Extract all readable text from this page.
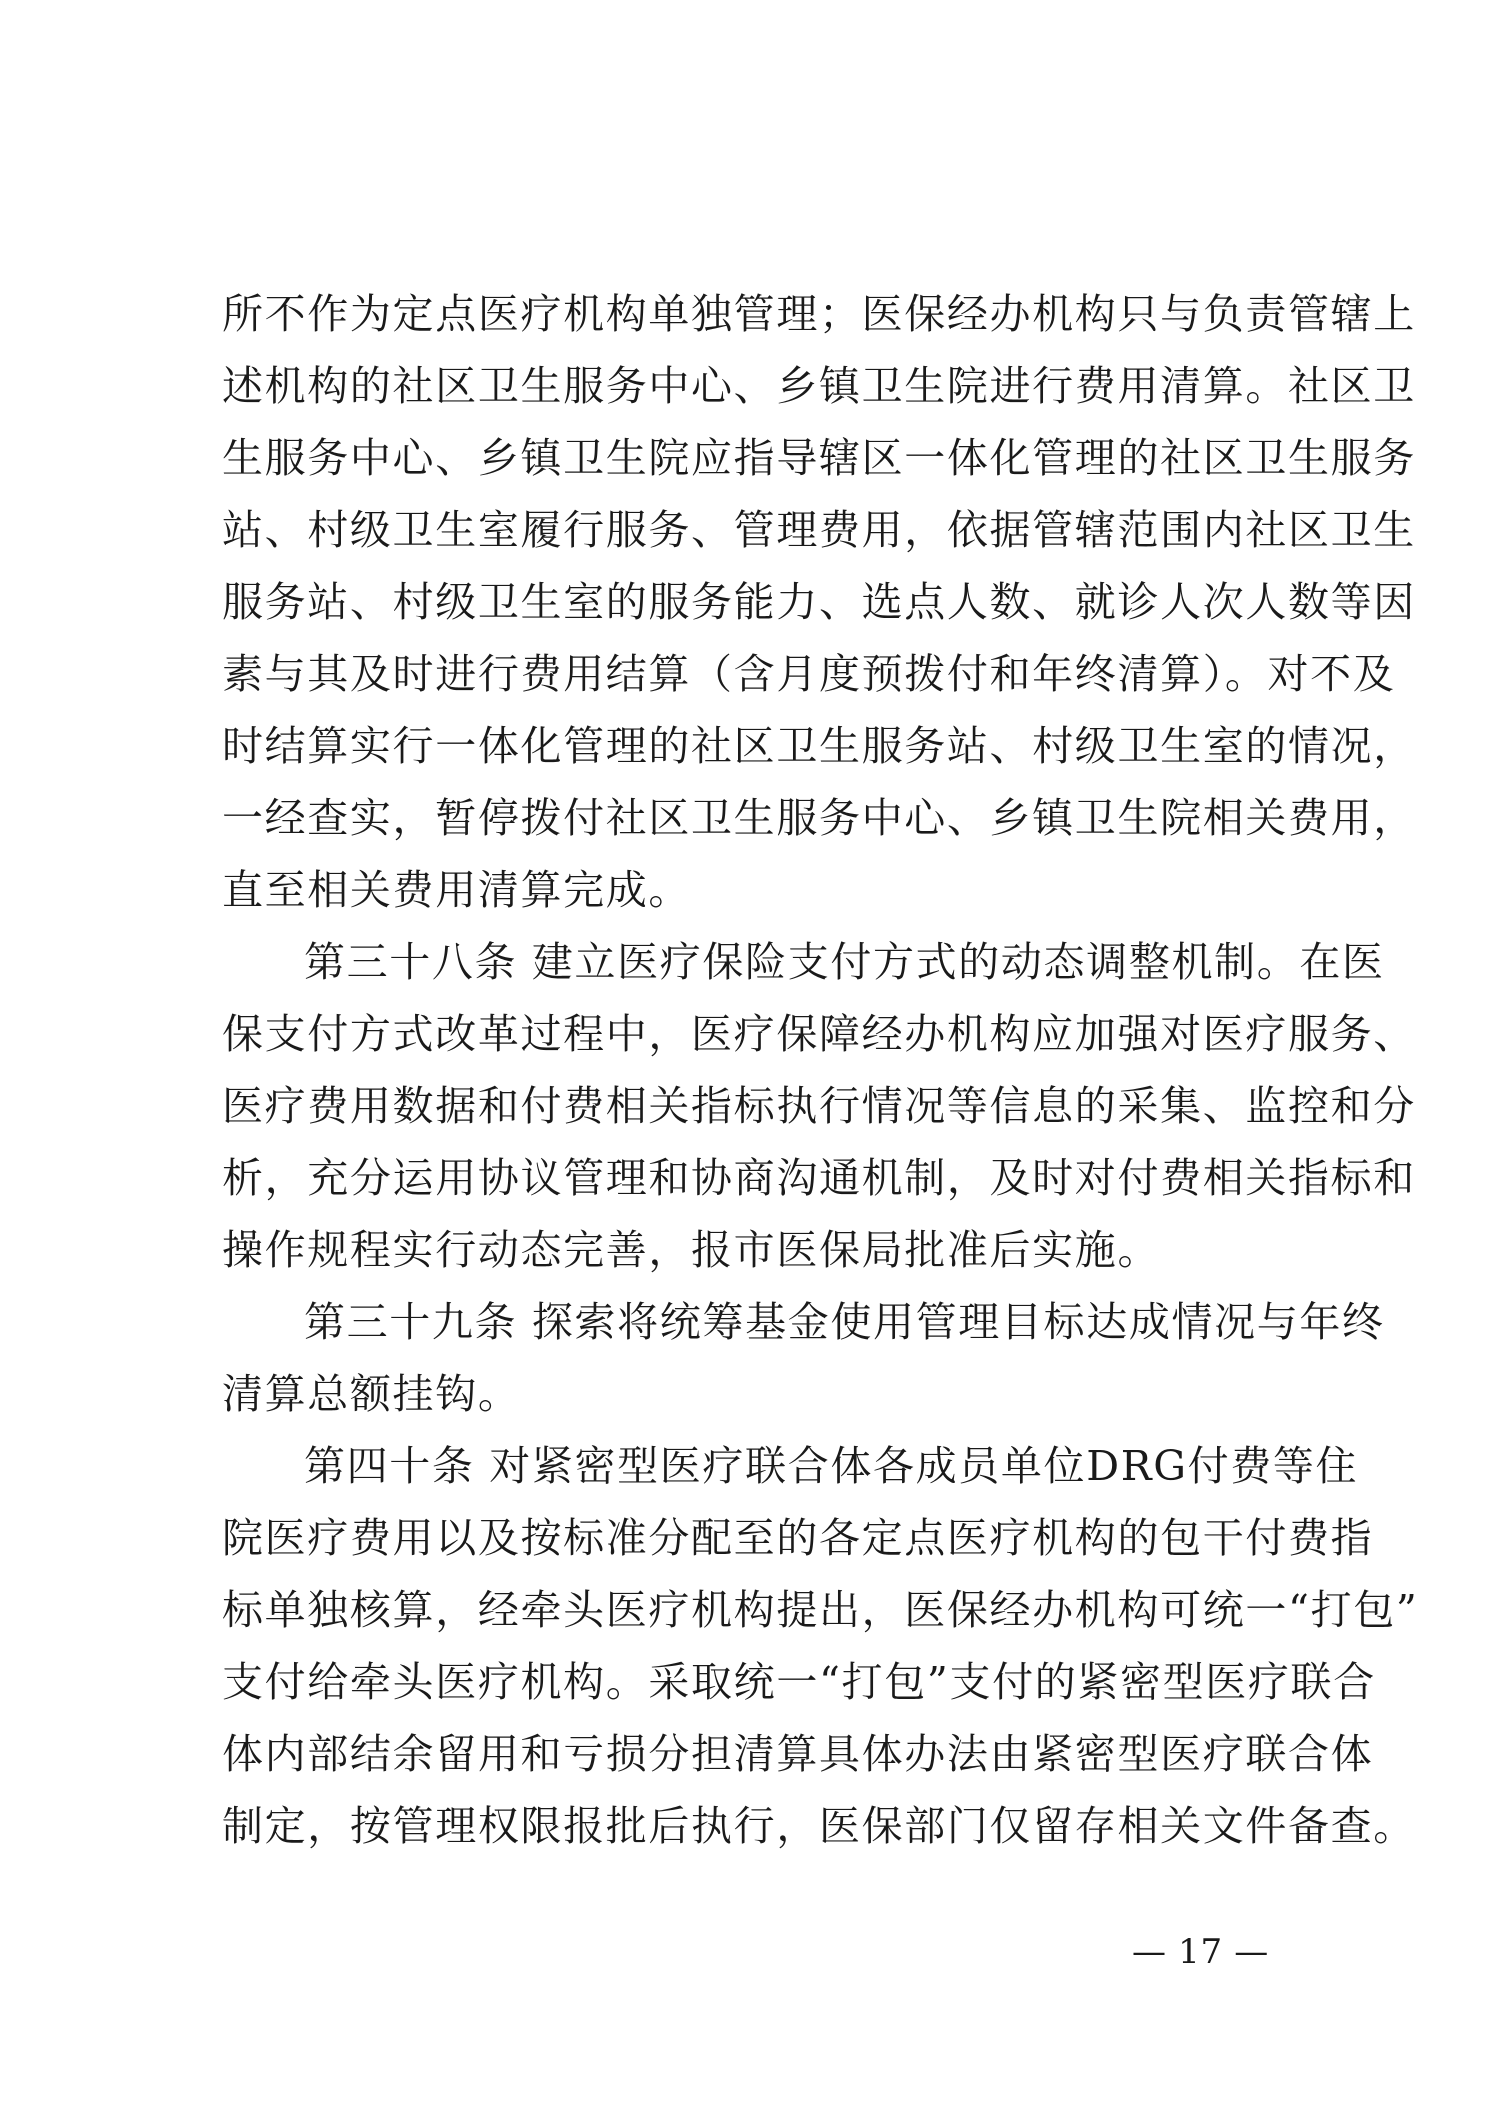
所不作为定点医疗机构单独管理；医保经办机构只与负责管辖上
述机构的社区卫生服务中心、乡镇卫生院进行费用清算。社区卫
生服务中心、乡镇卫生院应指导辖区一体化管理的社区卫生服务
站、村级卫生室履行服务、管理费用，依据管辖范围内社区卫生
服务站、村级卫生室的服务能力、选点人数、就诊人次人数等因
素与其及时进行费用结算（含月度预拨付和年终清算）。对不及
时结算实行一体化管理的社区卫生服务站、村级卫生室的情况，
一经查实，暂停拨付社区卫生服务中心、乡镇卫生院相关费用，
直至相关费用清算完成。
第三十八条 建立医疗保险支付方式的动态调整机制。在医
保支付方式改革过程中，医疗保障经办机构应加强对医疗服务、
医疗费用数据和付费相关指标执行情况等信息的采集、监控和分
析，充分运用协议管理和协商沟通机制，及时对付费相关指标和
操作规程实行动态完善，报市医保局批准后实施。
第三十九条 探索将统筹基金使用管理目标达成情况与年终
清算总额挂钩。
第四十条 对紧密型医疗联合体各成员单位DRG付费等住
院医疗费用以及按标准分配至的各定点医疗机构的包干付费指
标单独核算，经牵头医疗机构提出，医保经办机构可统一“打包”
支付给牵头医疗机构。采取统一“打包”支付的紧密型医疗联合
体内部结余留用和亏损分担清算具体办法由紧密型医疗联合体
制定，按管理权限报批后执行，医保部门仅留存相关文件备查。
— 17 —
